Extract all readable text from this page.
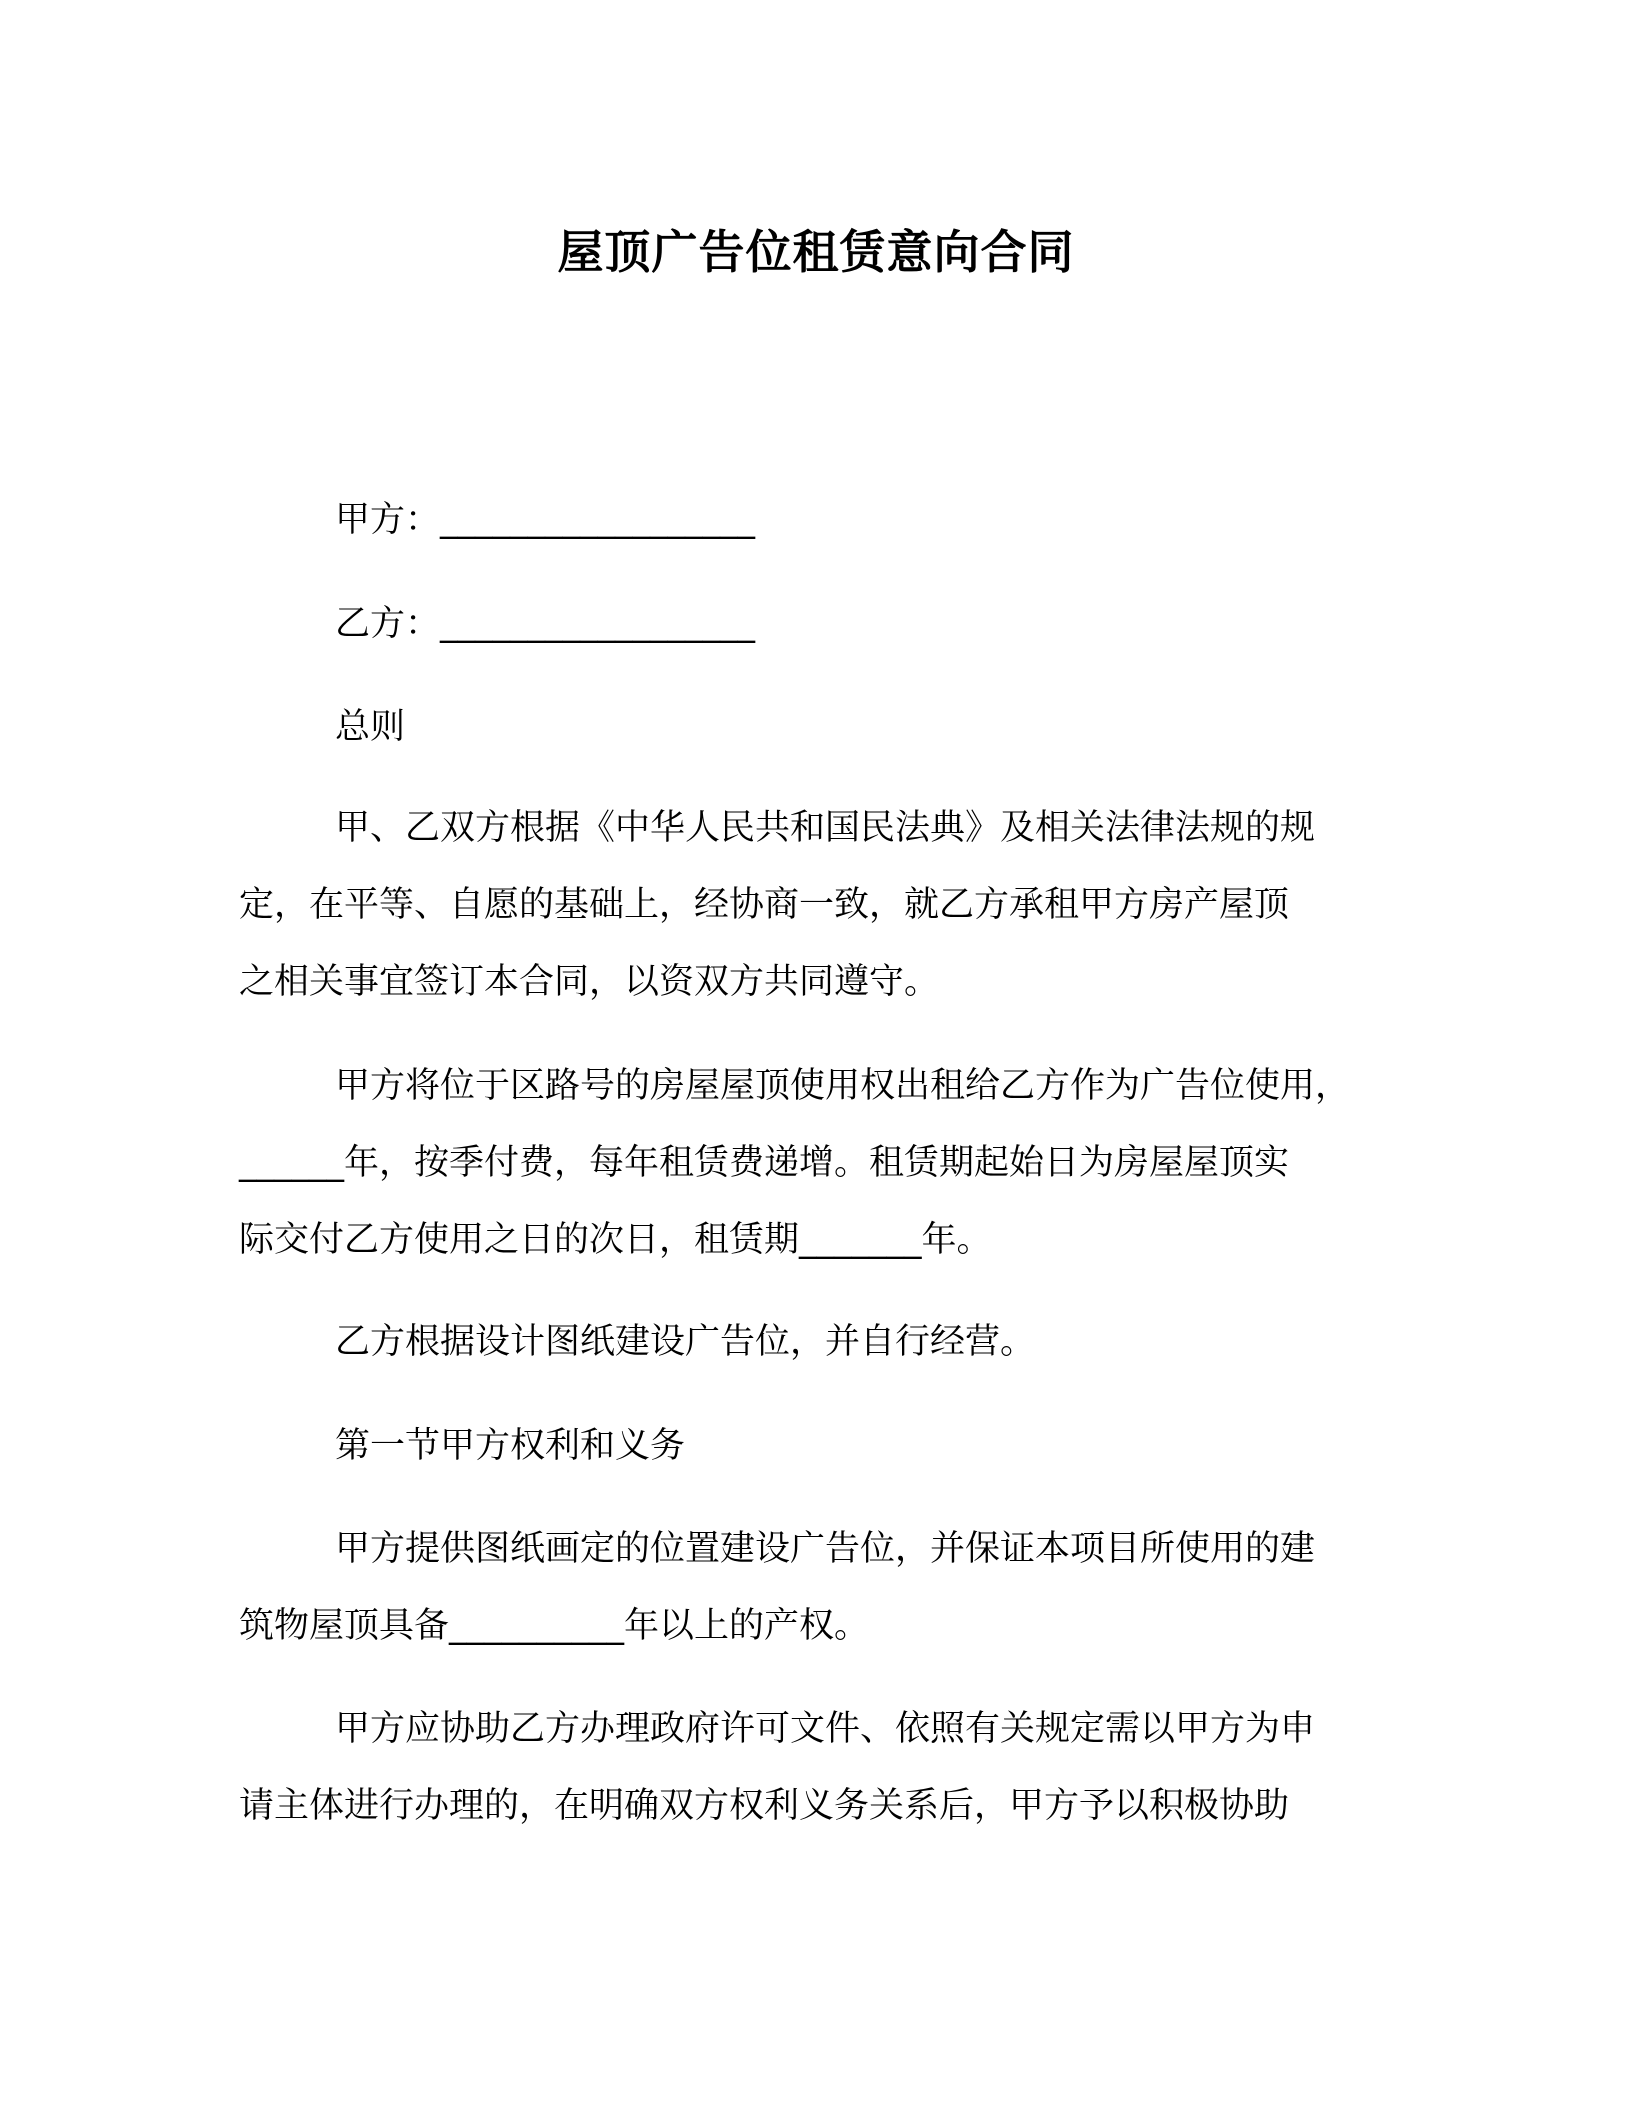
屋顶广告位租赁意向合同
甲方：__________________
乙方：__________________
总则
甲、乙双方根据《中华人民共和国民法典》及相关法律法规的规
定，在平等、自愿的基础上，经协商一致，就乙方承租甲方房产屋顶
之相关事宜签订本合同，以资双方共同遵守。
甲方将位于区路号的房屋屋顶使用权出租给乙方作为广告位使用，
______年，按季付费，每年租赁费递增。租赁期起始日为房屋屋顶实
际交付乙方使用之日的次日，租赁期_______年。
乙方根据设计图纸建设广告位，并自行经营。
第一节甲方权利和义务
甲方提供图纸画定的位置建设广告位，并保证本项目所使用的建
筑物屋顶具备__________年以上的产权。
甲方应协助乙方办理政府许可文件、依照有关规定需以甲方为申
请主体进行办理的，在明确双方权利义务关系后，甲方予以积极协助
